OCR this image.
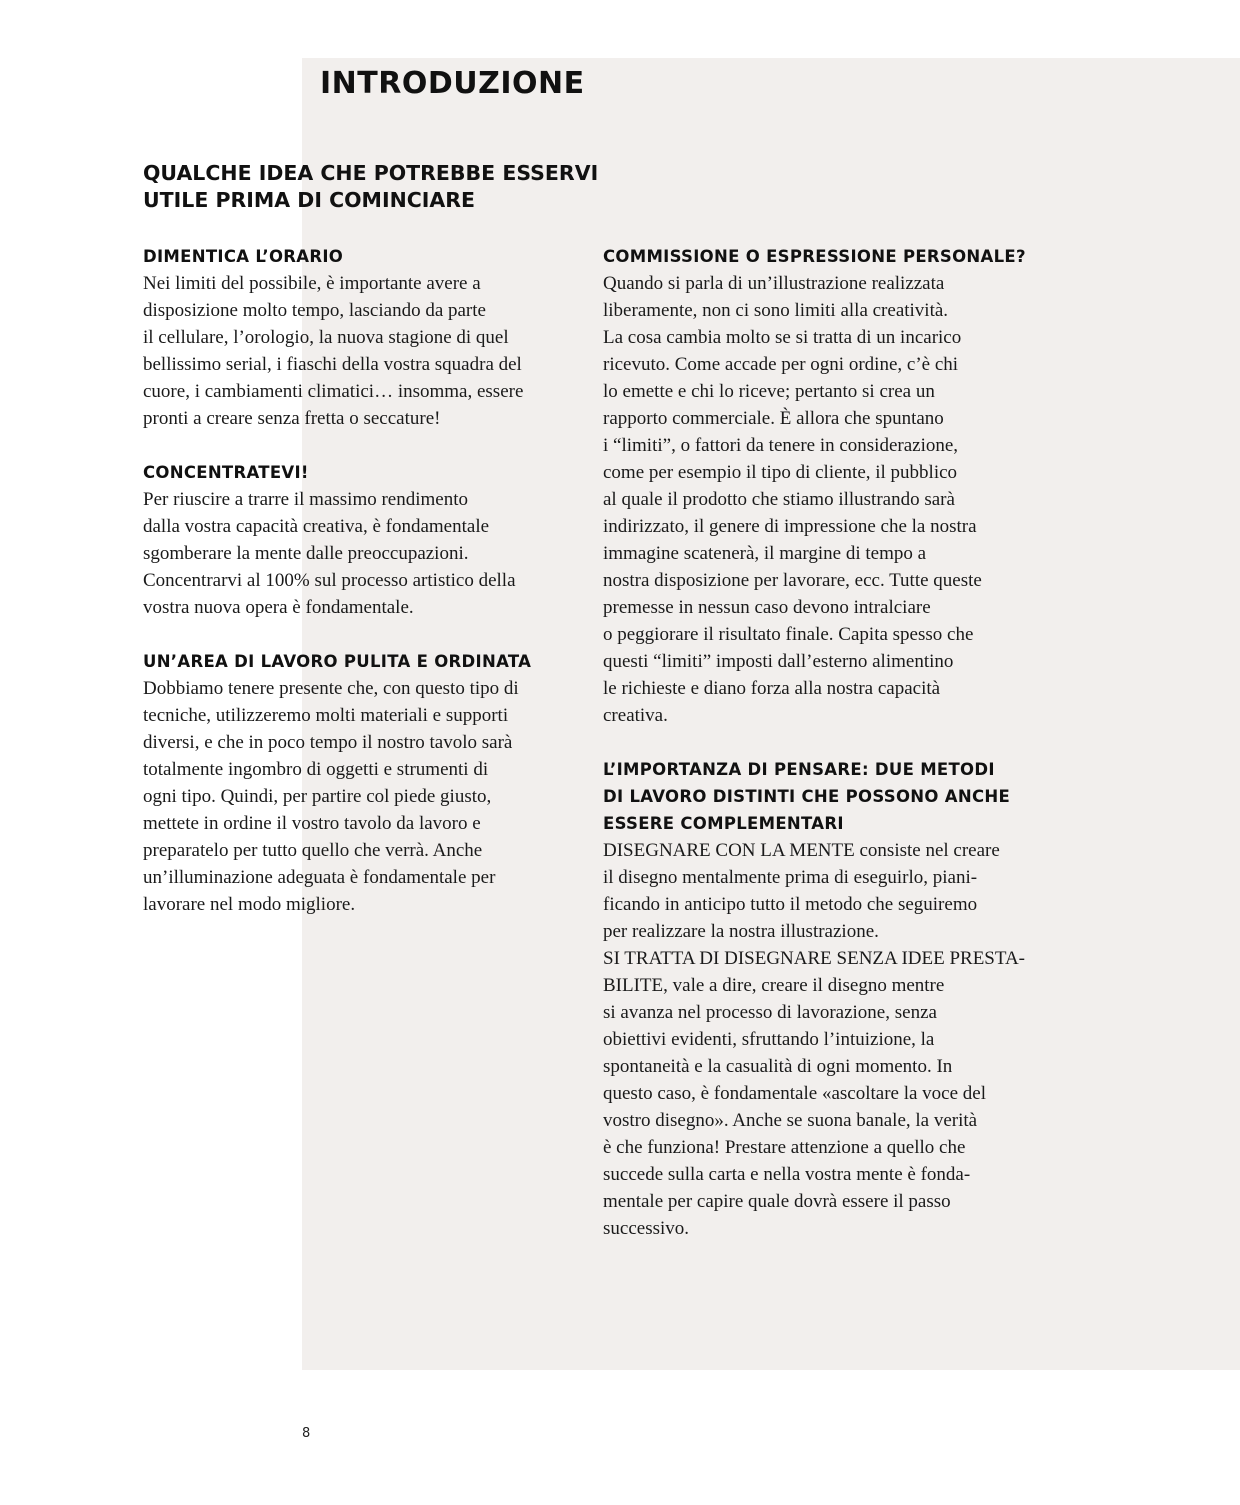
INTRODUZIONE
QUALCHE IDEA CHE POTREBBE ESSERVI
UTILE PRIMA DI COMINCIARE
DIMENTICA L’ORARIO

Nei limiti del possibile, è importante avere a
disposizione molto tempo, lasciando da parte
il cellulare, l’orologio, la nuova stagione di quel
bellissimo serial, i fiaschi della vostra squadra del
cuore, i cambiamenti climatici… insomma, essere
pronti a creare senza fretta o seccature!

CONCENTRATEVI!

Per riuscire a trarre il massimo rendimento
dalla vostra capacità creativa, è fondamentale
sgomberare la mente dalle preoccupazioni.
Concentrarvi al 100% sul processo artistico della
vostra nuova opera è fondamentale.

UN’AREA DI LAVORO PULITA E ORDINATA

Dobbiamo tenere presente che, con questo tipo di
tecniche, utilizzeremo molti materiali e supporti
diversi, e che in poco tempo il nostro tavolo sarà
totalmente ingombro di oggetti e strumenti di
ogni tipo. Quindi, per partire col piede giusto,
mettete in ordine il vostro tavolo da lavoro e
preparatelo per tutto quello che verrà. Anche
un’illuminazione adeguata è fondamentale per
lavorare nel modo migliore.

COMMISSIONE O ESPRESSIONE PERSONALE?

Quando si parla di un’illustrazione realizzata
liberamente, non ci sono limiti alla creatività.
La cosa cambia molto se si tratta di un incarico
ricevuto. Come accade per ogni ordine, c’è chi
lo emette e chi lo riceve; pertanto si crea un
rapporto commerciale. È allora che spuntano
i “limiti”, o fattori da tenere in considerazione,
come per esempio il tipo di cliente, il pubblico
al quale il prodotto che stiamo illustrando sarà
indirizzato, il genere di impressione che la nostra
immagine scatenerà, il margine di tempo a
nostra disposizione per lavorare, ecc. Tutte queste
premesse in nessun caso devono intralciare
o peggiorare il risultato finale. Capita spesso che
questi “limiti” imposti dall’esterno alimentino
le richieste e diano forza alla nostra capacità
creativa.

L’IMPORTANZA DI PENSARE: DUE METODI
DI LAVORO DISTINTI CHE POSSONO ANCHE
ESSERE COMPLEMENTARI

DISEGNARE CON LA MENTE consiste nel creare
il disegno mentalmente prima di eseguirlo, piani-
ficando in anticipo tutto il metodo che seguiremo
per realizzare la nostra illustrazione.
SI TRATTA DI DISEGNARE SENZA IDEE PRESTA-
BILITE, vale a dire, creare il disegno mentre
si avanza nel processo di lavorazione, senza
obiettivi evidenti, sfruttando l’intuizione, la
spontaneità e la casualità di ogni momento. In
questo caso, è fondamentale «ascoltare la voce del
vostro disegno». Anche se suona banale, la verità
è che funziona! Prestare attenzione a quello che
succede sulla carta e nella vostra mente è fonda-
mentale per capire quale dovrà essere il passo
successivo.

8
